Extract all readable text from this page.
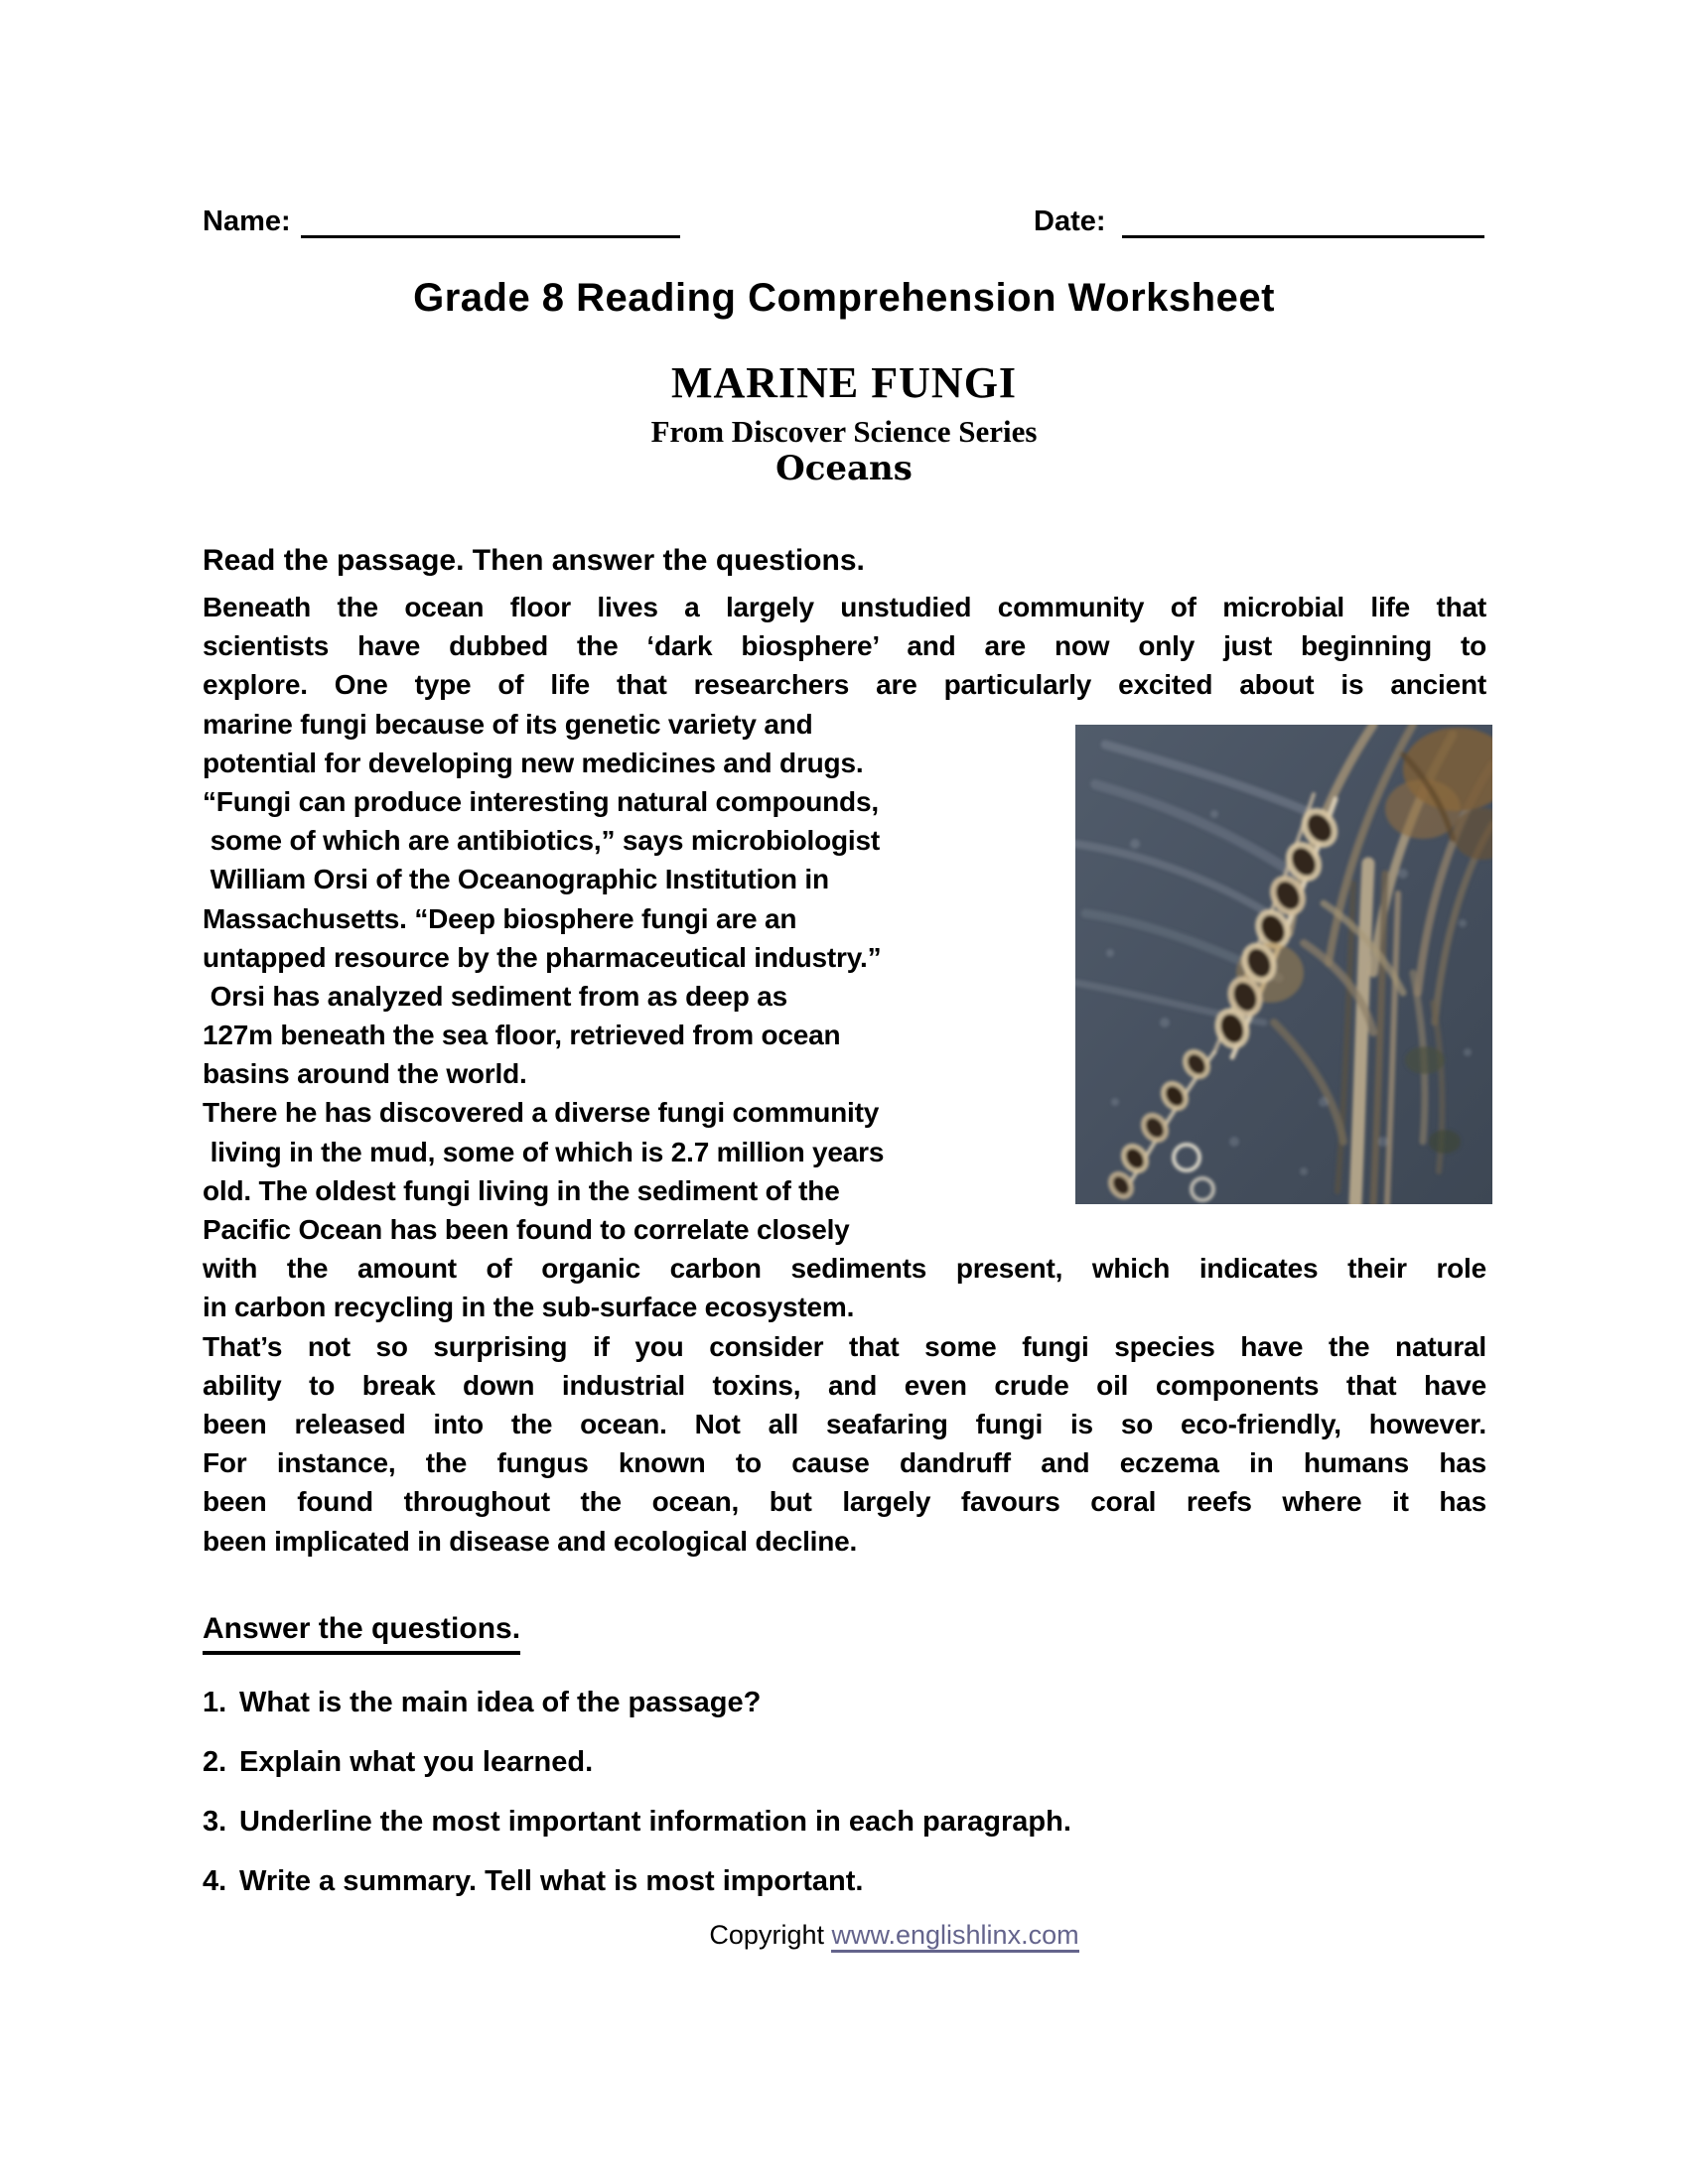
Name:	Date:
Grade 8 Reading Comprehension Worksheet
MARINE FUNGI
From Discover Science Series
Oceans
Read the passage. Then answer the questions.
Beneath the ocean floor lives a largely unstudied community of microbial life that
scientists have dubbed the ‘dark biosphere’ and are now only just beginning to
explore. One type of life that researchers are particularly excited about is ancient
marine fungi because of its genetic variety and
potential for developing new medicines and drugs.
“Fungi can produce interesting natural compounds,
some of which are antibiotics,” says microbiologist
William Orsi of the Oceanographic Institution in
Massachusetts. “Deep biosphere fungi are an
untapped resource by the pharmaceutical industry.”
Orsi has analyzed sediment from as deep as
127m beneath the sea floor, retrieved from ocean
basins around the world.
There he has discovered a diverse fungi community
living in the mud, some of which is 2.7 million years
old. The oldest fungi living in the sediment of the
Pacific Ocean has been found to correlate closely
with the amount of organic carbon sediments present, which indicates their role
in carbon recycling in the sub-surface ecosystem.
That’s not so surprising if you consider that some fungi species have the natural
ability to break down industrial toxins, and even crude oil components that have
been released into the ocean. Not all seafaring fungi is so eco-friendly, however.
For instance, the fungus known to cause dandruff and eczema in humans has
been found throughout the ocean, but largely favours coral reefs where it has
been implicated in disease and ecological decline.
Answer the questions.
1. What is the main idea of the passage?
2. Explain what you learned.
3. Underline the most important information in each paragraph.
4. Write a summary. Tell what is most important.
Copyright www.englishlinx.com
